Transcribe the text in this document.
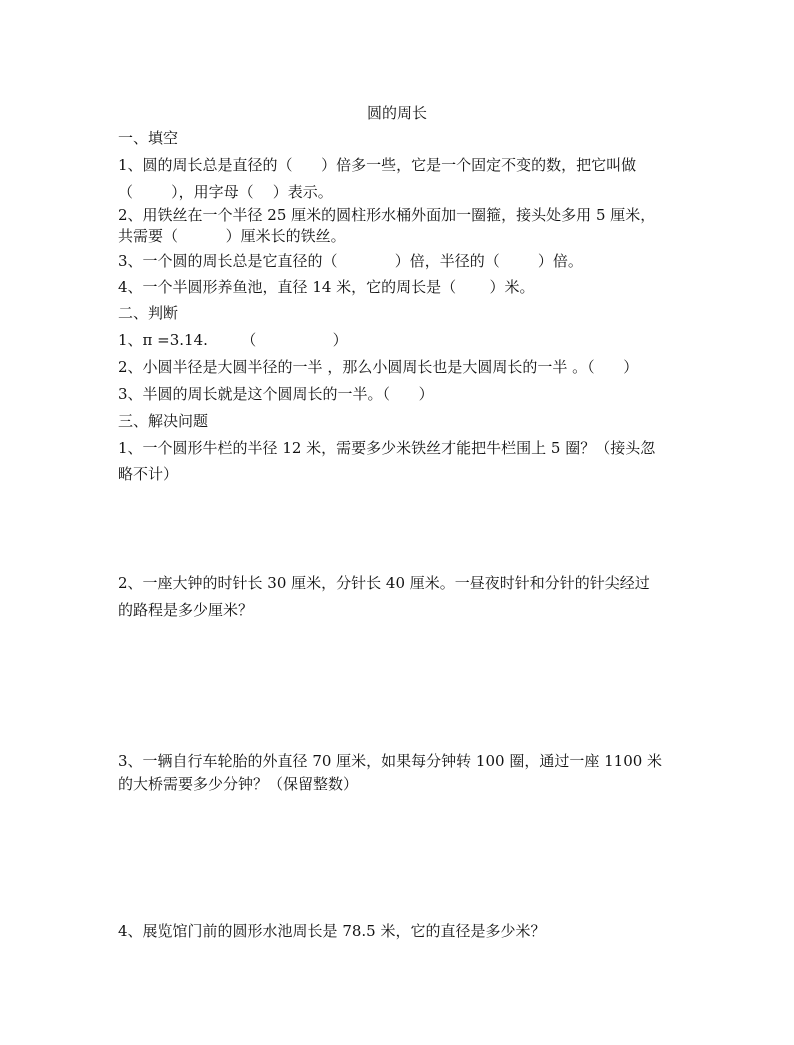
圆的周长
一、填空
1、圆的周长总是直径的（      ）倍多一些，它是一个固定不变的数，把它叫做
（        ），用字母（    ）表示。
2、用铁丝在一个半径 25 厘米的圆柱形水桶外面加一圈箍，接头处多用 5 厘米，
共需要（          ）厘米长的铁丝。
3、一个圆的周长总是它直径的（            ）倍，半径的（        ）倍。
4、一个半圆形养鱼池，直径 14 米，它的周长是（       ）米。
二、判断
1、π =3.14.       （                ）
2、小圆半径是大圆半径的一半 ，那么小圆周长也是大圆周长的一半 。（      ）
3、半圆的周长就是这个圆周长的一半。（      ）
三、解决问题
1、一个圆形牛栏的半径 12 米，需要多少米铁丝才能把牛栏围上 5 圈？（接头忽
略不计）
2、一座大钟的时针长 30 厘米，分针长 40 厘米。一昼夜时针和分针的针尖经过
的路程是多少厘米？
3、一辆自行车轮胎的外直径 70 厘米，如果每分钟转 100 圈，通过一座 1100 米
的大桥需要多少分钟？（保留整数）
4、展览馆门前的圆形水池周长是 78.5 米，它的直径是多少米？
